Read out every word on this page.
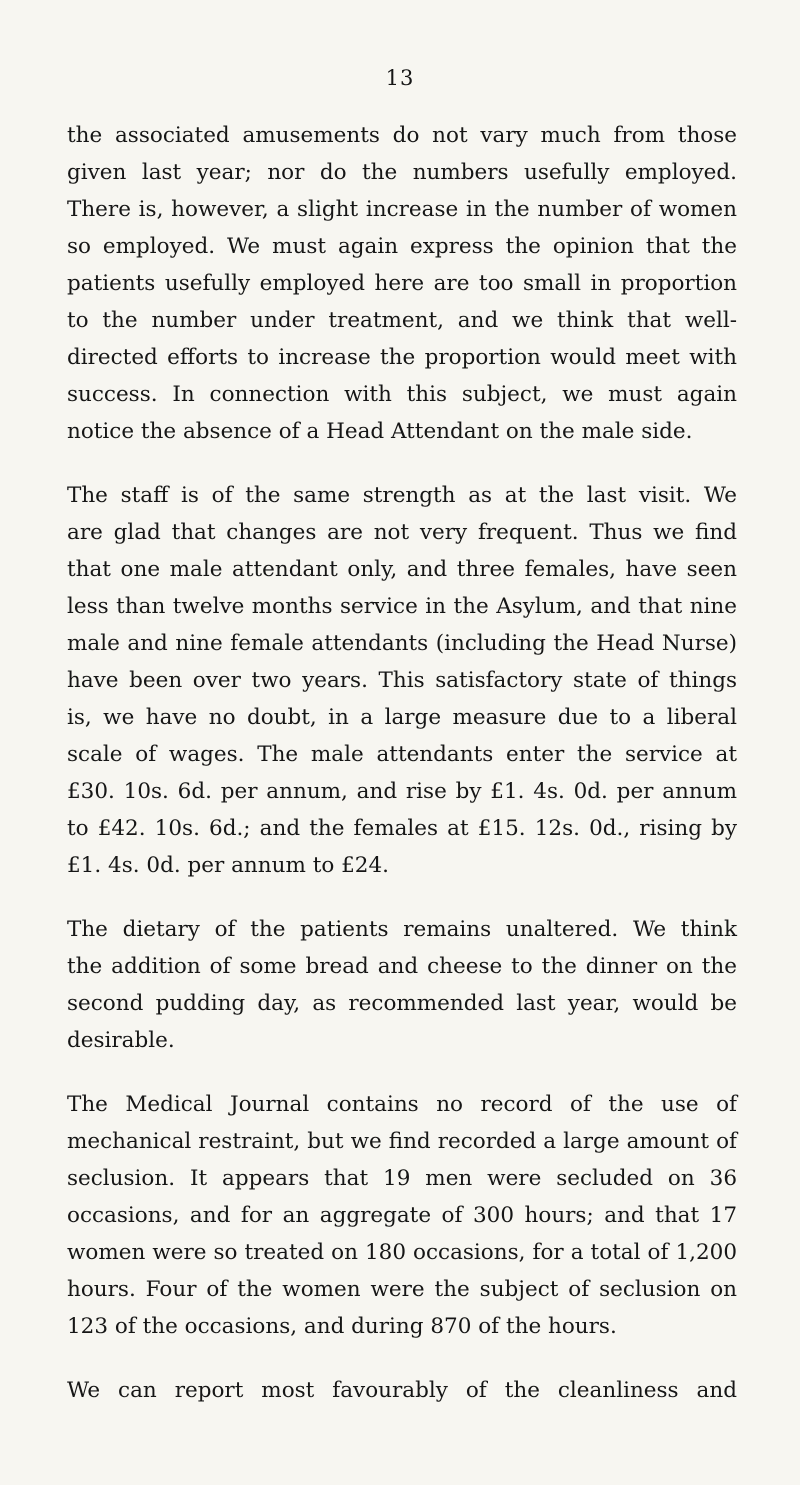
13
the associated amusements do not vary much from those
given last year; nor do the numbers usefully employed.
There is, however, a slight increase in the number of women
so employed. We must again express the opinion that the
patients usefully employed here are too small in proportion
to the number under treatment, and we think that well-
directed efforts to increase the proportion would meet with
success. In connection with this subject, we must again
notice the absence of a Head Attendant on the male side.
The staff is of the same strength as at the last visit. We
are glad that changes are not very frequent. Thus we find
that one male attendant only, and three females, have seen
less than twelve months service in the Asylum, and that nine
male and nine female attendants (including the Head Nurse)
have been over two years. This satisfactory state of things
is, we have no doubt, in a large measure due to a liberal
scale of wages. The male attendants enter the service at
£30. 10s. 6d. per annum, and rise by £1. 4s. 0d. per annum
to £42. 10s. 6d.; and the females at £15. 12s. 0d., rising by
£1. 4s. 0d. per annum to £24.
The dietary of the patients remains unaltered. We think
the addition of some bread and cheese to the dinner on the
second pudding day, as recommended last year, would be
desirable.
The Medical Journal contains no record of the use of
mechanical restraint, but we find recorded a large amount of
seclusion. It appears that 19 men were secluded on 36
occasions, and for an aggregate of 300 hours; and that 17
women were so treated on 180 occasions, for a total of 1,200
hours. Four of the women were the subject of seclusion on
123 of the occasions, and during 870 of the hours.
We can report most favourably of the cleanliness and
